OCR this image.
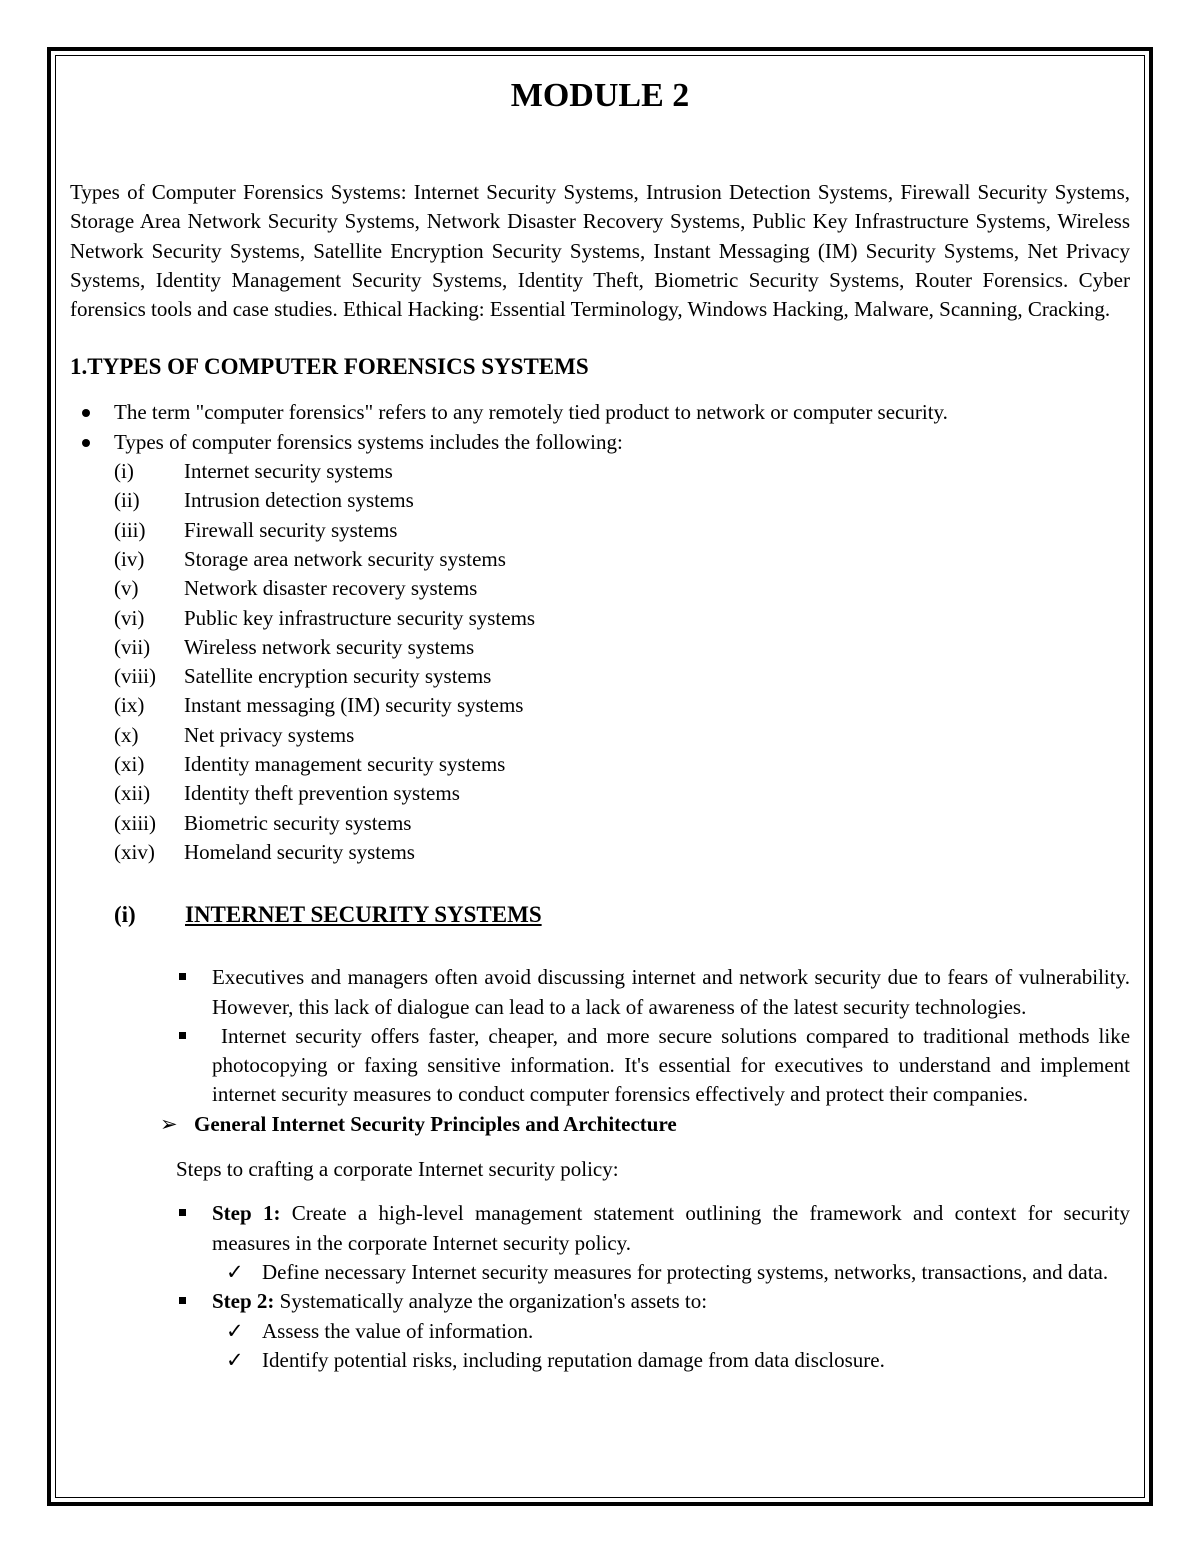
MODULE 2
Types of Computer Forensics Systems: Internet Security Systems, Intrusion Detection Systems, Firewall Security Systems, Storage Area Network Security Systems, Network Disaster Recovery Systems, Public Key Infrastructure Systems, Wireless Network Security Systems, Satellite Encryption Security Systems, Instant Messaging (IM) Security Systems, Net Privacy Systems, Identity Management Security Systems, Identity Theft, Biometric Security Systems, Router Forensics. Cyber forensics tools and case studies. Ethical Hacking: Essential Terminology, Windows Hacking, Malware, Scanning, Cracking.
1.TYPES OF COMPUTER FORENSICS SYSTEMS
The term "computer forensics" refers to any remotely tied product to network or computer security.
Types of computer forensics systems includes the following:
(i)	Internet security systems
(ii)	Intrusion detection systems
(iii)	Firewall security systems
(iv)	Storage area network security systems
(v)	Network disaster recovery systems
(vi)	Public key infrastructure security systems
(vii)	Wireless network security systems
(viii)	Satellite encryption security systems
(ix)	Instant messaging (IM) security systems
(x)	Net privacy systems
(xi)	Identity management security systems
(xii)	Identity theft prevention systems
(xiii)	Biometric security systems
(xiv)	Homeland security systems
(i)	INTERNET SECURITY SYSTEMS
Executives and managers often avoid discussing internet and network security due to fears of vulnerability. However, this lack of dialogue can lead to a lack of awareness of the latest security technologies.
Internet security offers faster, cheaper, and more secure solutions compared to traditional methods like photocopying or faxing sensitive information. It's essential for executives to understand and implement internet security measures to conduct computer forensics effectively and protect their companies.
➢ General Internet Security Principles and Architecture
Steps to crafting a corporate Internet security policy:
Step 1: Create a high-level management statement outlining the framework and context for security measures in the corporate Internet security policy.
✓ Define necessary Internet security measures for protecting systems, networks, transactions, and data.
Step 2: Systematically analyze the organization's assets to:
✓ Assess the value of information.
✓ Identify potential risks, including reputation damage from data disclosure.
